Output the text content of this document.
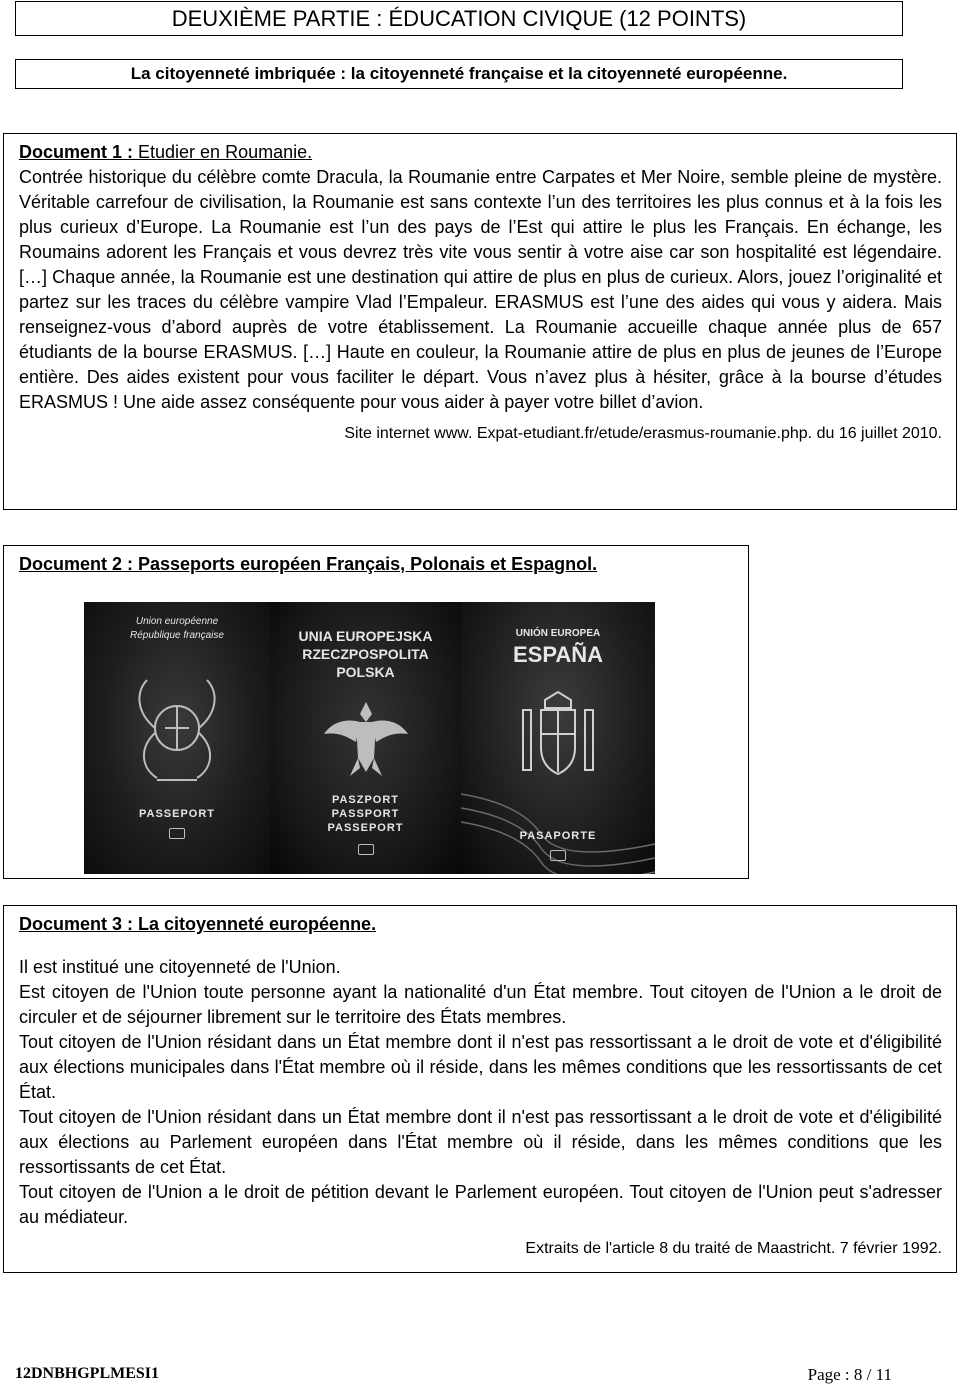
DEUXIÈME PARTIE : ÉDUCATION CIVIQUE (12 POINTS)
La citoyenneté imbriquée : la citoyenneté française et la citoyenneté européenne.
Document 1 : Etudier en Roumanie.

Contrée historique du célèbre comte Dracula, la Roumanie entre Carpates et Mer Noire, semble pleine de mystère. Véritable carrefour de civilisation, la Roumanie est sans contexte l’un des territoires les plus connus et à la fois les plus curieux d’Europe. La Roumanie est l’un des pays de l’Est qui attire le plus les Français. En échange, les Roumains adorent les Français et vous devrez très vite vous sentir à votre aise car son hospitalité est légendaire. […] Chaque année, la Roumanie est une destination qui attire de plus en plus de curieux. Alors, jouez l’originalité et partez sur les traces du célèbre vampire Vlad l’Empaleur. ERASMUS est l’une des aides qui vous y aidera. Mais renseignez-vous d’abord auprès de votre établissement. La Roumanie accueille chaque année plus de 657 étudiants de la bourse ERASMUS. […] Haute en couleur, la Roumanie attire de plus en plus de jeunes de l’Europe entière. Des aides existent pour vous faciliter le départ. Vous n’avez plus à hésiter, grâce à la bourse d’études ERASMUS ! Une aide assez conséquente pour vous aider à payer votre billet d’avion.

Site internet www. Expat-etudiant.fr/etude/erasmus-roumanie.php. du 16 juillet 2010.
Document 2 : Passeports européen Français, Polonais et Espagnol.
Union européenne
République française
PASSEPORT
UNIA EUROPEJSKA
RZECZPOSPOLITA
POLSKA
PASZPORT
PASSPORT
PASSEPORT
UNIÓN EUROPEA
ESPAÑA
PASAPORTE
Document 3 : La citoyenneté européenne.

Il est institué une citoyenneté de l'Union.

Est citoyen de l'Union toute personne ayant la nationalité d'un État membre. Tout citoyen de l'Union a le droit de circuler et de séjourner librement sur le territoire des États membres.

Tout citoyen de l'Union résidant dans un État membre dont il n'est pas ressortissant a le droit de vote et d'éligibilité aux élections municipales dans l'État membre où il réside, dans les mêmes conditions que les ressortissants de cet État.

Tout citoyen de l'Union résidant dans un État membre dont il n'est pas ressortissant a le droit de vote et d'éligibilité aux élections au Parlement européen dans l'État membre où il réside, dans les mêmes conditions que les ressortissants de cet État.

Tout citoyen de l'Union a le droit de pétition devant le Parlement européen. Tout citoyen de l'Union peut s'adresser au médiateur.

Extraits de l'article 8 du traité de Maastricht. 7 février 1992.
12DNBHGPLMESI1	Page : 8 / 11
